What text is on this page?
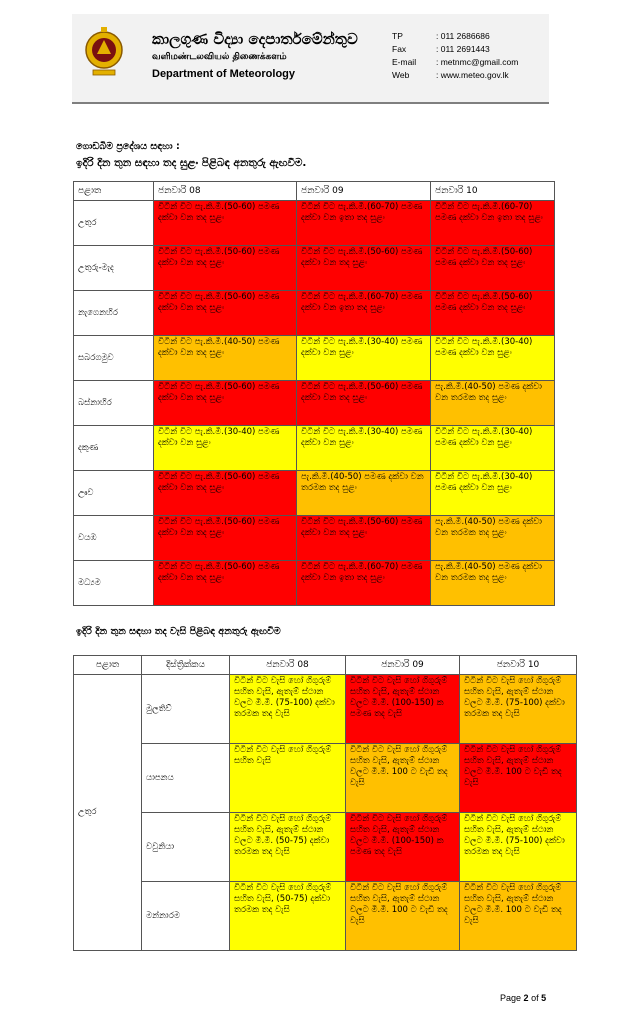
කාලගුණ විද්‍යා දෙපාර්තමේන්තුව
வளிமண்டலவியல் திணைக்களம்
Department of Meteorology
TP	: 011 2686686
Fax	: 011 2691443
E-mail	: metnmc@gmail.com
Web	: www.meteo.gov.lk
ගොඩබිම ප්‍රදේශය සඳහා :
ඉදිරි දින තුන සඳහා තද සුළං පිළිබඳ අනතුරු ඇඟවීම.
පළාත	ජනවාරි 08	ජනවාරි 09	ජනවාරි 10
උතුර	විටින් විට පැ.කි.මී.(50-60) පමණ දක්වා වන තද සුළං	විටින් විට පැ.කි.මී.(60-70) පමණ දක්වා වන ඉතා තද සුළං	විටින් විට පැ.කි.මී.(60-70) පමණ දක්වා වන ඉතා තද සුළං
උතුරු-මැද	විටින් විට පැ.කි.මී.(50-60) පමණ දක්වා වන තද සුළං	විටින් විට පැ.කි.මී.(50-60) පමණ දක්වා වන තද සුළං	විටින් විට පැ.කි.මී.(50-60) පමණ දක්වා වන තද සුළං
නැගෙනහිර	විටින් විට පැ.කි.මී.(50-60) පමණ දක්වා වන තද සුළං	විටින් විට පැ.කි.මී.(60-70) පමණ දක්වා වන ඉතා තද සුළං	විටින් විට පැ.කි.මී.(50-60) පමණ දක්වා වන තද සුළං
සබරගමුව	විටින් විට පැ.කි.මී.(40-50) පමණ දක්වා වන තද සුළං	විටින් විට පැ.කි.මී.(30-40) පමණ දක්වා වන සුළං	විටින් විට පැ.කි.මී.(30-40) පමණ දක්වා වන සුළං
බස්නාහිර	විටින් විට පැ.කි.මී.(50-60) පමණ දක්වා වන තද සුළං	විටින් විට පැ.කි.මී.(50-60) පමණ දක්වා වන තද සුළං	පැ.කි.මී.(40-50) පමණ දක්වා වන තරමක තද සුළං
දකුණ	විටින් විට පැ.කි.මී.(30-40) පමණ දක්වා වන සුළං	විටින් විට පැ.කි.මී.(30-40) පමණ දක්වා වන සුළං	විටින් විට පැ.කි.මී.(30-40) පමණ දක්වා වන සුළං
ඌව	විටින් විට පැ.කි.මී.(50-60) පමණ දක්වා වන තද සුළං	පැ.කි.මී.(40-50) පමණ දක්වා වන තරමක තද සුළං	විටින් විට පැ.කි.මී.(30-40) පමණ දක්වා වන සුළං
වයඹ	විටින් විට පැ.කි.මී.(50-60) පමණ දක්වා වන තද සුළං	විටින් විට පැ.කි.මී.(50-60) පමණ දක්වා වන තද සුළං	පැ.කි.මී.(40-50) පමණ දක්වා වන තරමක තද සුළං
මධ්‍යම	විටින් විට පැ.කි.මී.(50-60) පමණ දක්වා වන තද සුළං	විටින් විට පැ.කි.මී.(60-70) පමණ දක්වා වන ඉතා තද සුළං	පැ.කි.මී.(40-50) පමණ දක්වා වන තරමක තද සුළං
ඉදිරි දින තුන සඳහා තද වැසි පිළිබඳ අනතුරු ඇඟවීම
පළාත	දිස්ත්‍රික්කය	ජනවාරි 08	ජනවාරි 09	ජනවාරි 10
උතුර	මුලතිව්	විටින් විට වැසි හෝ ගිගුරුම් සහිත වැසි, ඇතැම් ස්ථාන වලට මි.මී. (75-100) දක්වා තරමක තද වැසි	විටින් විට වැසි හෝ ගිගුරුම් සහිත වැසි, ඇතැම් ස්ථාන වලට මි.මී. (100-150) ක පමණ තද වැසි	විටින් විට වැසි හෝ ගිගුරුම් සහිත වැසි, ඇතැම් ස්ථාන වලට මි.මී. (75-100) දක්වා තරමක තද වැසි
	යාපනය	විටින් විට වැසි හෝ ගිගුරුම් සහිත වැසි	විටින් විට වැසි හෝ ගිගුරුම් සහිත වැසි, ඇතැම් ස්ථාන වලට මි.මී. 100 ට වැඩි තද වැසි	විටින් විට වැසි හෝ ගිගුරුම් සහිත වැසි, ඇතැම් ස්ථාන වලට මි.මී. 100 ට වැඩි තද වැසි
	වවුනියා	විටින් විට වැසි හෝ ගිගුරුම් සහිත වැසි, ඇතැම් ස්ථාන වලට මි.මී. (50-75) දක්වා තරමක තද වැසි	විටින් විට වැසි හෝ ගිගුරුම් සහිත වැසි, ඇතැම් ස්ථාන වලට මි.මී. (100-150) ක පමණ තද වැසි	විටින් විට වැසි හෝ ගිගුරුම් සහිත වැසි, ඇතැම් ස්ථාන වලට මි.මී. (75-100) දක්වා තරමක තද වැසි
	මන්නාරම	විටින් විට වැසි හෝ ගිගුරුම් සහිත වැසි, (50-75) දක්වා තරමක තද වැසි	විටින් විට වැසි හෝ ගිගුරුම් සහිත වැසි, ඇතැම් ස්ථාන වලට මි.මී. 100 ට වැඩි තද වැසි	විටින් විට වැසි හෝ ගිගුරුම් සහිත වැසි, ඇතැම් ස්ථාන වලට මි.මී. 100 ට වැඩි තද වැසි
Page 2 of 5
